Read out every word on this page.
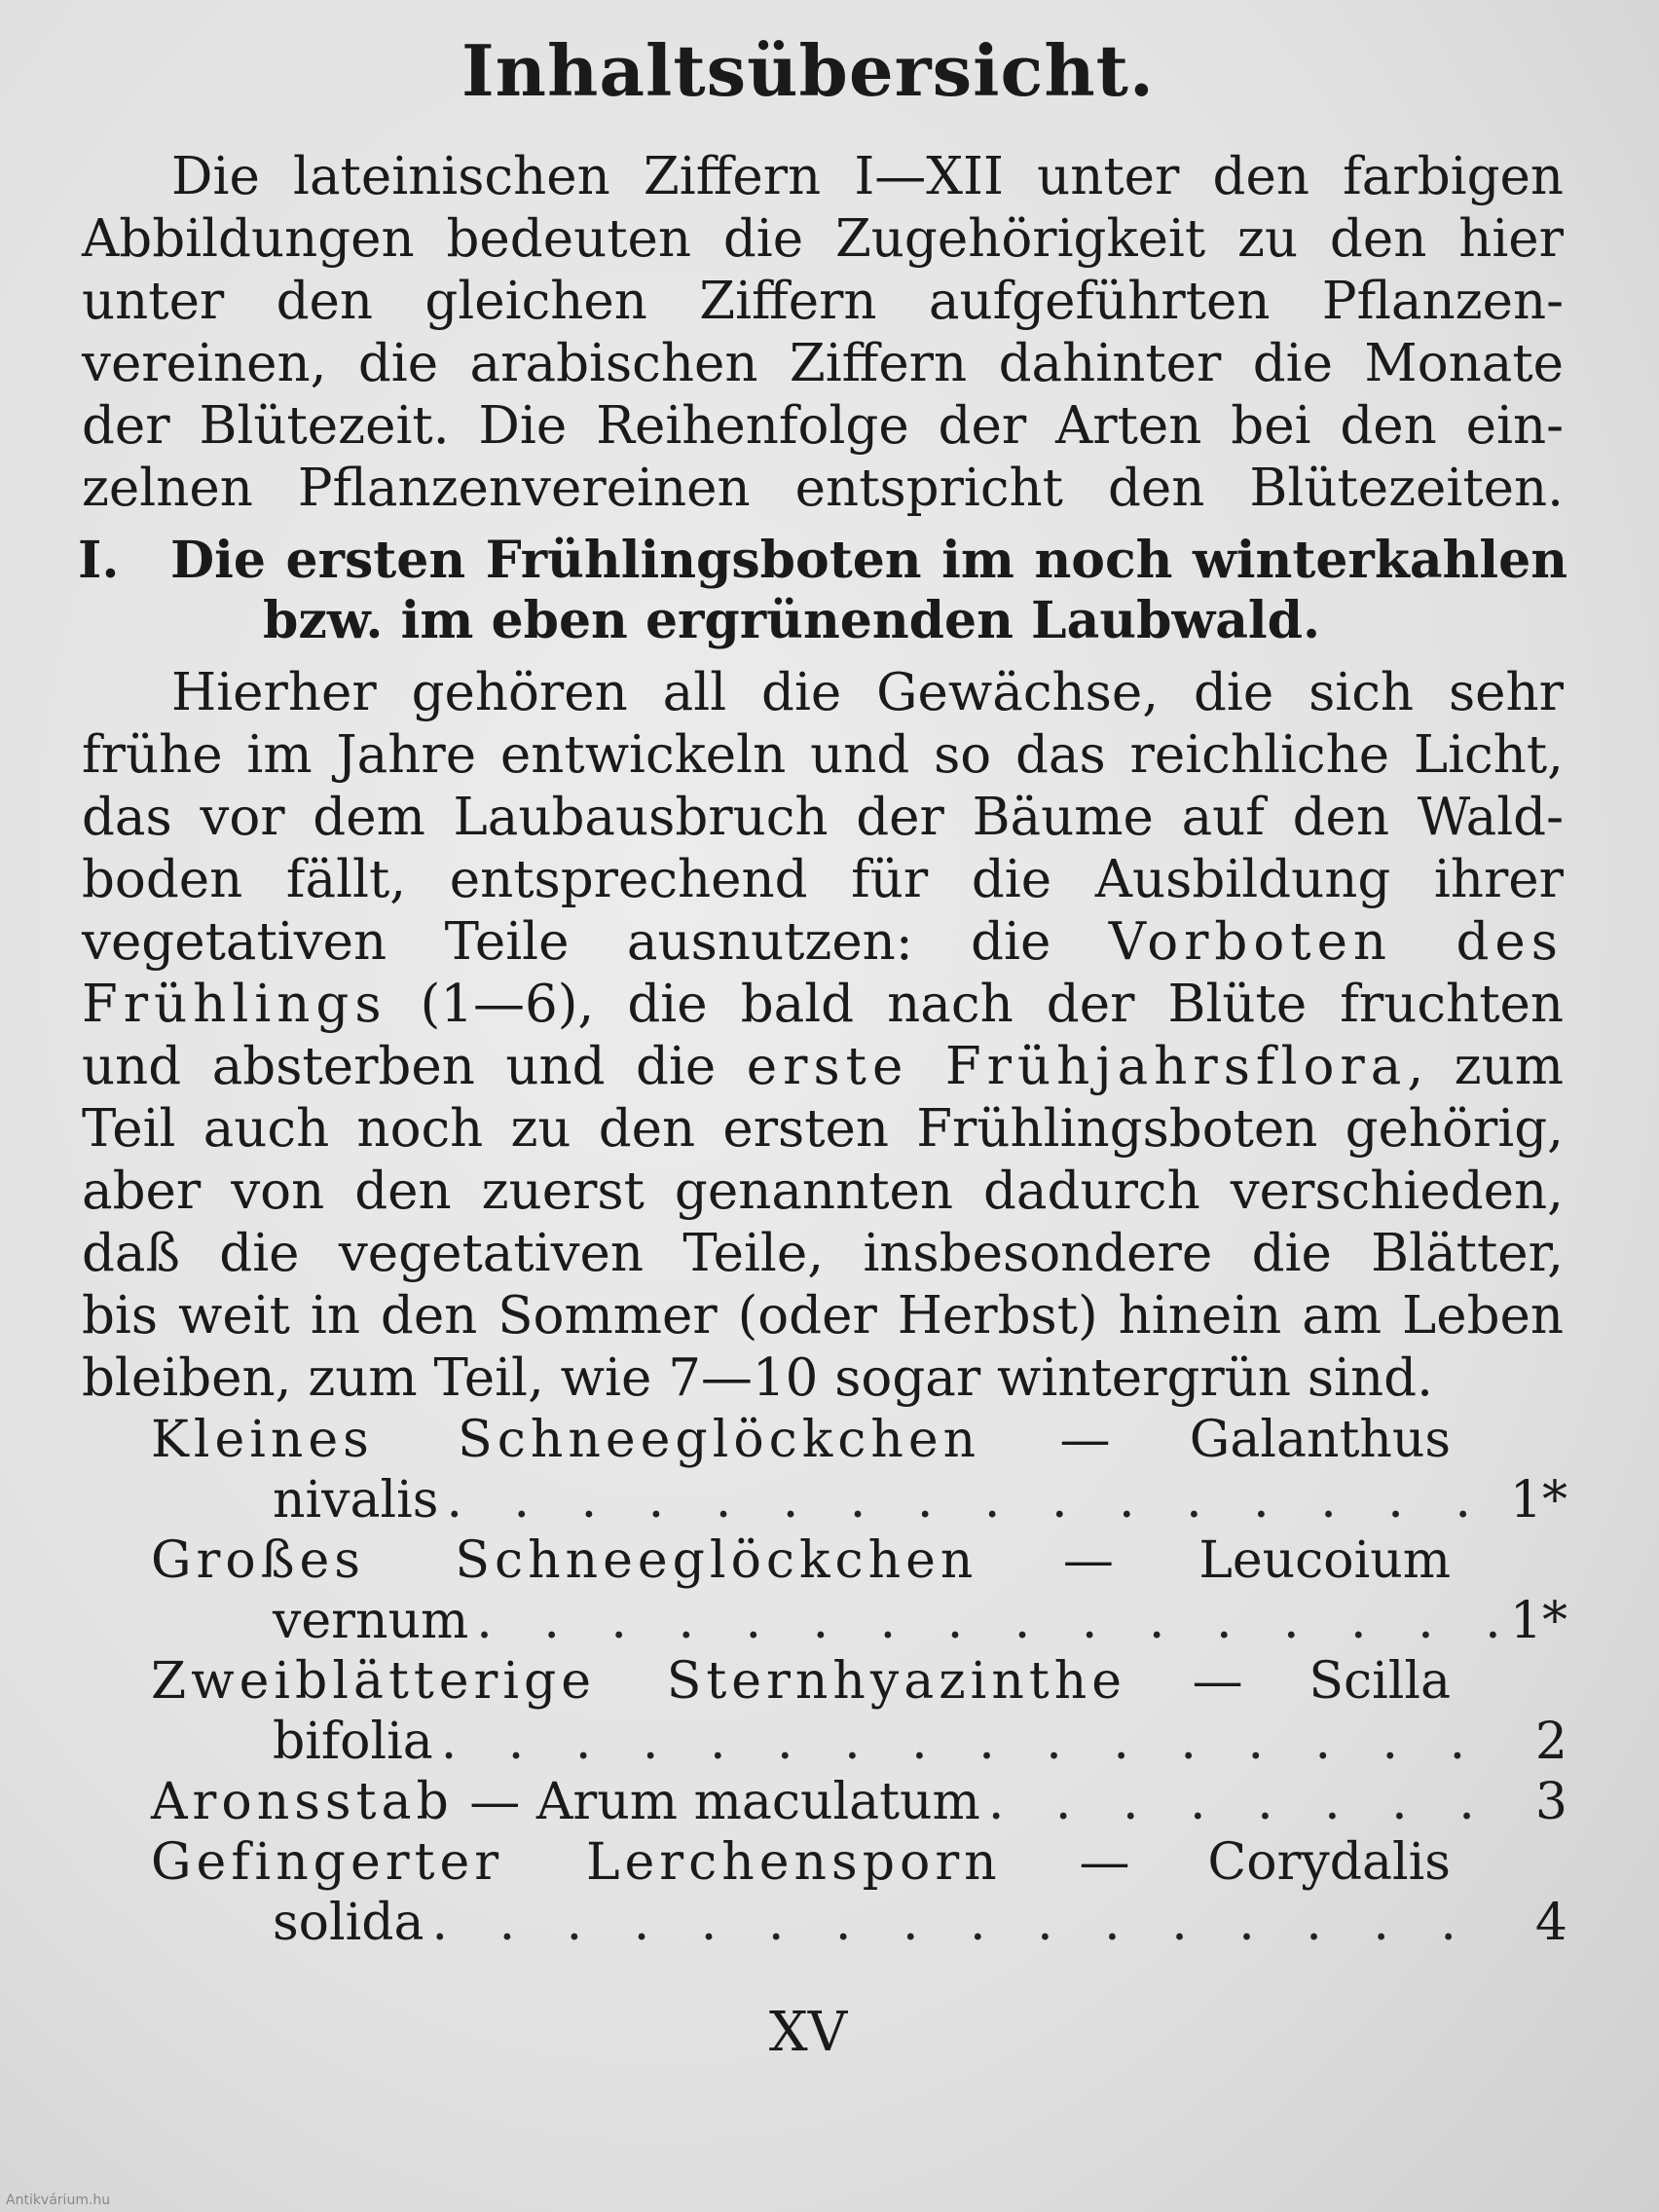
Inhaltsübersicht.
Die lateinischen Ziffern I—XII unter den farbigen
Abbildungen bedeuten die Zugehörigkeit zu den hier
unter den gleichen Ziffern aufgeführten Pflanzen-
vereinen, die arabischen Ziffern dahinter die Monate
der Blütezeit. Die Reihenfolge der Arten bei den ein-
zelnen Pflanzenvereinen entspricht den Blütezeiten.
I.	Die ersten Frühlingsboten im noch winterkahlen
bzw. im eben ergrünenden Laubwald.
Hierher gehören all die Gewächse, die sich sehr
frühe im Jahre entwickeln und so das reichliche Licht,
das vor dem Laubausbruch der Bäume auf den Wald-
boden fällt, entsprechend für die Ausbildung ihrer
vegetativen Teile ausnutzen: die Vorboten des
Frühlings (1—6), die bald nach der Blüte fruchten
und absterben und die erste Frühjahrsflora, zum
Teil auch noch zu den ersten Frühlingsboten gehörig,
aber von den zuerst genannten dadurch verschieden,
daß die vegetativen Teile, insbesondere die Blätter,
bis weit in den Sommer (oder Herbst) hinein am Leben
bleiben, zum Teil, wie 7—10 sogar wintergrün sind.
Kleines Schneeglöckchen — Galanthus
nivalis . . .	1*
Großes Schneeglöckchen — Leucoium
vernum . . .	1*
Zweiblätterige Sternhyazinthe — Scilla
bifolia . . .	2
Aronsstab — Arum maculatum . . .	3
Gefingerter Lerchensporn — Corydalis
solida . . .	4
XV
Antikvárium.hu
